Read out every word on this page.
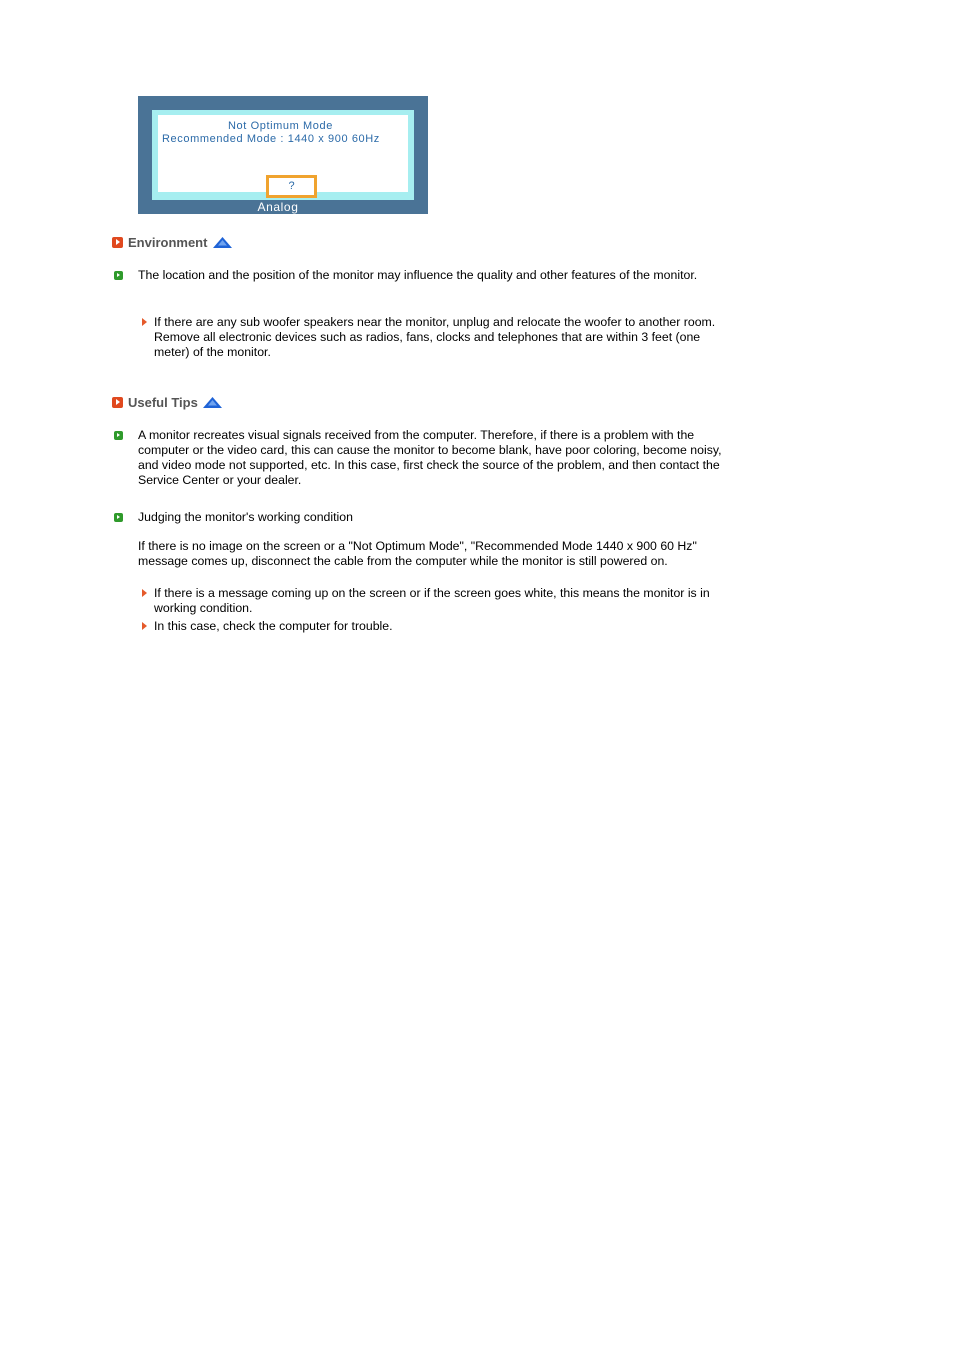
Not Optimum Mode
Recommended Mode : 1440 x 900 60Hz
?
Analog
Environment
The location and the position of the monitor may influence the quality and other features of the monitor.
If there are any sub woofer speakers near the monitor, unplug and relocate the woofer to another room.
Remove all electronic devices such as radios, fans, clocks and telephones that are within 3 feet (one meter) of the monitor.
Useful Tips
A monitor recreates visual signals received from the computer. Therefore, if there is a problem with the computer or the video card, this can cause the monitor to become blank, have poor coloring, become noisy, and video mode not supported, etc. In this case, first check the source of the problem, and then contact the Service Center or your dealer.
Judging the monitor's working condition
If there is no image on the screen or a "Not Optimum Mode", "Recommended Mode 1440 x 900 60 Hz" message comes up, disconnect the cable from the computer while the monitor is still powered on.
If there is a message coming up on the screen or if the screen goes white, this means the monitor is in working condition.
In this case, check the computer for trouble.
